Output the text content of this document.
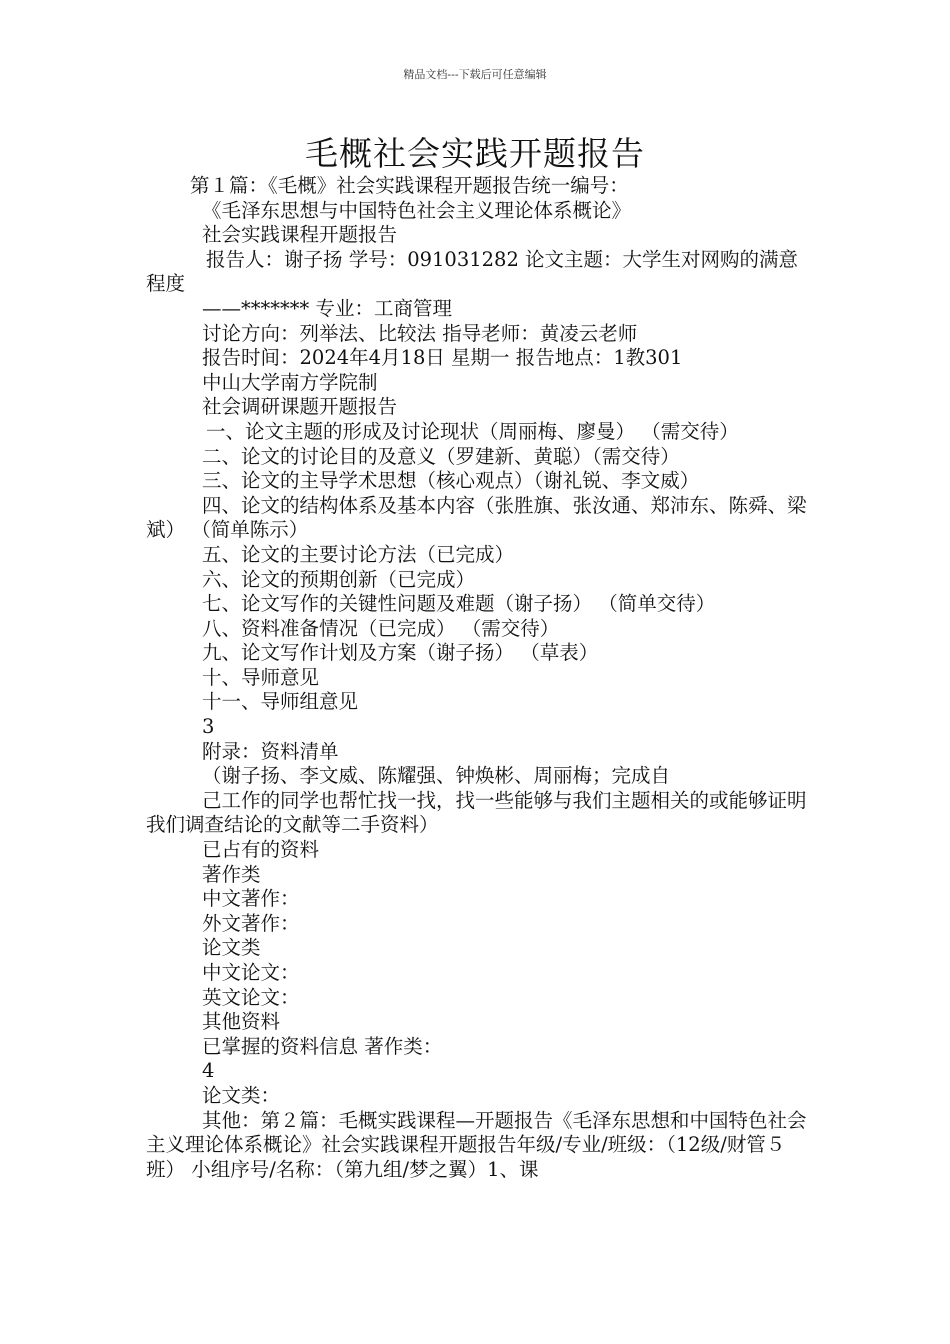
精品文档---下载后可任意编辑
毛概社会实践开题报告

第１篇：《毛概》社会实践课程开题报告统一编号：

《毛泽东思想与中国特色社会主义理论体系概论》

社会实践课程开题报告

报告人：谢子扬 学号：091031282 论文主题：大学生对网购的满意程度

——******* 专业：工商管理

讨论方向：列举法、比较法 指导老师：黄凌云老师

报告时间：2024年4月18日 星期一 报告地点：1教301

中山大学南方学院制

社会调研课题开题报告

一、论文主题的形成及讨论现状（周丽梅、廖曼） （需交待）

二、论文的讨论目的及意义（罗建新、黄聪）（需交待）

三、论文的主导学术思想（核心观点）（谢礼锐、李文威）

四、论文的结构体系及基本内容（张胜旗、张汝通、郑沛东、陈舜、梁斌） （简单陈示）

五、论文的主要讨论方法（已完成）

六、论文的预期创新（已完成）

七、论文写作的关键性问题及难题（谢子扬） （简单交待）

八、资料准备情况（已完成） （需交待）

九、论文写作计划及方案（谢子扬） （草表）

十、导师意见

十一、导师组意见

3

附录：资料清单

（谢子扬、李文威、陈耀强、钟焕彬、周丽梅；完成自

己工作的同学也帮忙找一找，找一些能够与我们主题相关的或能够证明我们调查结论的文献等二手资料）

已占有的资料

著作类

中文著作：

外文著作：

论文类

中文论文：

英文论文：

其他资料

已掌握的资料信息 著作类：

4

论文类：

其他：第２篇：毛概实践课程—开题报告《毛泽东思想和中国特色社会主义理论体系概论》社会实践课程开题报告年级/专业/班级：（12级/财管５班） 小组序号/名称：（第九组/梦之翼）1、课
